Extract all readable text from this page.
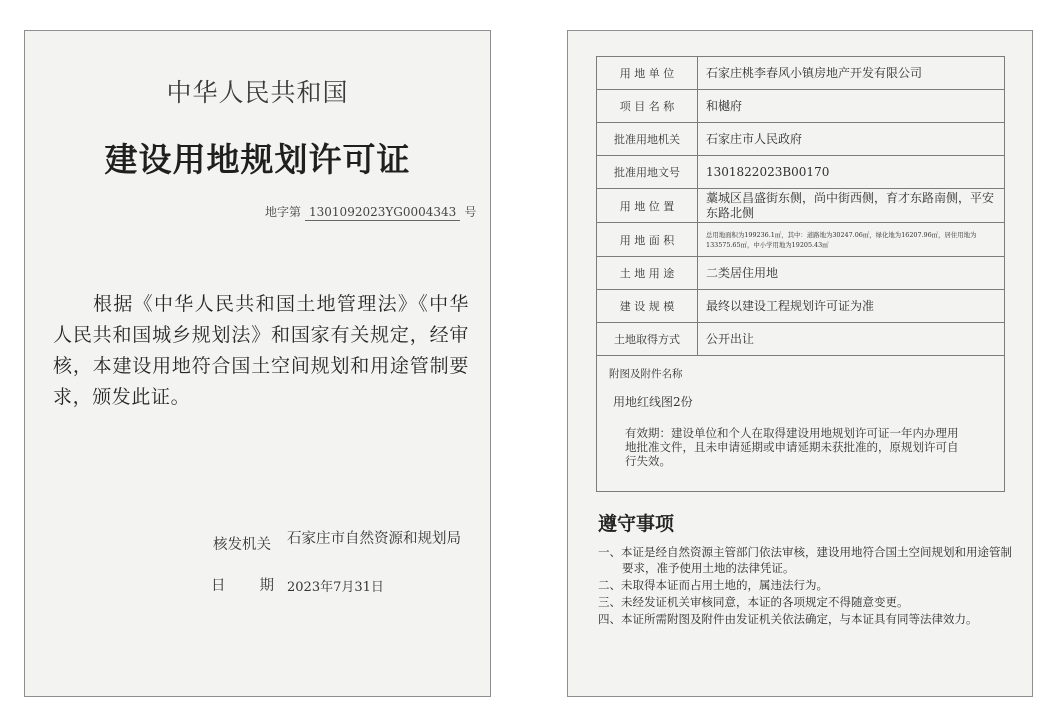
中华人民共和国
建设用地规划许可证
地字第 1301092023YG0004343 号
根据《中华人民共和国土地管理法》《中华人民共和国城乡规划法》和国家有关规定，经审核，本建设用地符合国土空间规划和用途管制要求，颁发此证。
核发机关 石家庄市自然资源和规划局
日期
2023年7月31日
用 地 单 位	石家庄桃李春风小镇房地产开发有限公司
项 目 名 称	和樾府
批准用地机关	石家庄市人民政府
批准用地文号	1301822023B00170
用 地 位 置	藁城区昌盛街东侧，尚中街西侧，育才东路南侧，平安东路北侧
用 地 面 积	总用地面积为199236.1㎡，其中：道路地为30247.06㎡，绿化地为16207.96㎡，居住用地为133575.65㎡，中小学用地为19205.43㎡
土 地 用 途	二类居住用地
建 设 规 模	最终以建设工程规划许可证为准
土地取得方式	公开出让

附图及附件名称
用地红线图2份
有效期：建设单位和个人在取得建设用地规划许可证一年内办理用地批准文件，且未申请延期或申请延期未获批准的，原规划许可自行失效。	
遵守事项
一、本证是经自然资源主管部门依法审核，建设用地符合国土空间规划和用途管制要求，准予使用土地的法律凭证。
二、未取得本证而占用土地的，属违法行为。
三、未经发证机关审核同意，本证的各项规定不得随意变更。
四、本证所需附图及附件由发证机关依法确定，与本证具有同等法律效力。
